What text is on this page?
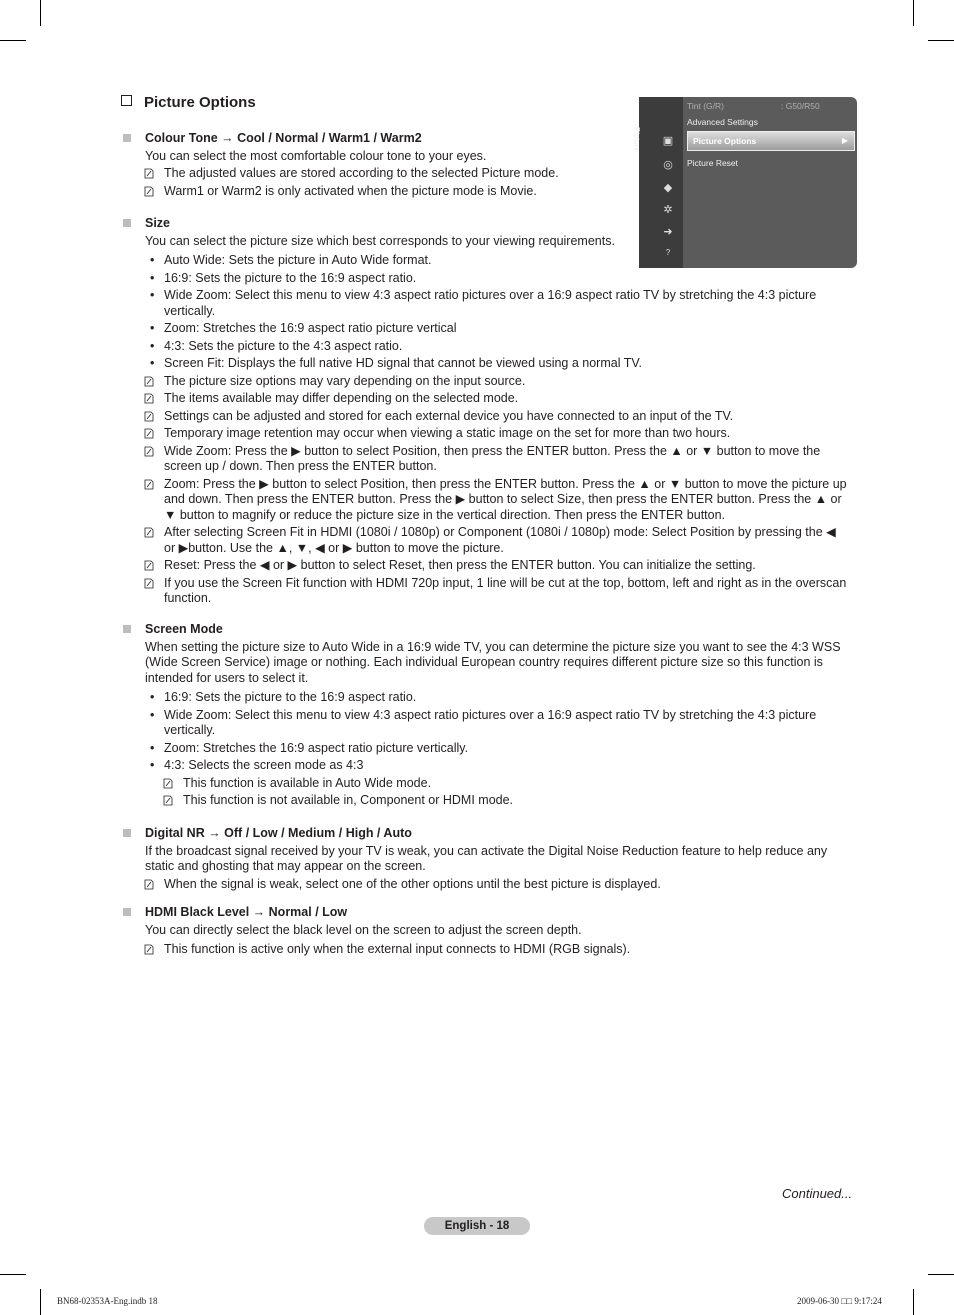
Picture Options
Picture ▣
◎
◆
✲
➜
?
Tint (G/R)	: G50/R50
Advanced Settings
Picture Options	▶
Picture Reset
Colour Tone → Cool / Normal / Warm1 / Warm2
You can select the most comfortable colour tone to your eyes.
The adjusted values are stored according to the selected Picture mode.
Warm1 or Warm2 is only activated when the picture mode is Movie.
Size
You can select the picture size which best corresponds to your viewing requirements.
• Auto Wide: Sets the picture in Auto Wide format.
• 16:9: Sets the picture to the 16:9 aspect ratio.
• Wide Zoom: Select this menu to view 4:3 aspect ratio pictures over a 16:9 aspect ratio TV by stretching the 4:3 picture vertically.
• Zoom: Stretches the 16:9 aspect ratio picture vertical
• 4:3: Sets the picture to the 4:3 aspect ratio.
• Screen Fit: Displays the full native HD signal that cannot be viewed using a normal TV.
The picture size options may vary depending on the input source.
The items available may differ depending on the selected mode.
Settings can be adjusted and stored for each external device you have connected to an input of the TV.
Temporary image retention may occur when viewing a static image on the set for more than two hours.
Wide Zoom: Press the ▶ button to select Position, then press the ENTER button. Press the ▲ or ▼ button to move the screen up / down. Then press the ENTER button.
Zoom: Press the ▶ button to select Position, then press the ENTER button. Press the ▲ or ▼ button to move the picture up and down. Then press the ENTER button. Press the ▶ button to select Size, then press the ENTER button. Press the ▲ or ▼ button to magnify or reduce the picture size in the vertical direction. Then press the ENTER button.
After selecting Screen Fit in HDMI (1080i / 1080p) or Component (1080i / 1080p) mode: Select Position by pressing the ◀ or ▶button. Use the ▲, ▼, ◀ or ▶ button to move the picture.
Reset: Press the ◀ or ▶ button to select Reset, then press the ENTER button. You can initialize the setting.
If you use the Screen Fit function with HDMI 720p input, 1 line will be cut at the top, bottom, left and right as in the overscan function.
Screen Mode
When setting the picture size to Auto Wide in a 16:9 wide TV, you can determine the picture size you want to see the 4:3 WSS (Wide Screen Service) image or nothing. Each individual European country requires different picture size so this function is intended for users to select it.
• 16:9: Sets the picture to the 16:9 aspect ratio.
• Wide Zoom: Select this menu to view 4:3 aspect ratio pictures over a 16:9 aspect ratio TV by stretching the 4:3 picture vertically.
• Zoom: Stretches the 16:9 aspect ratio picture vertically.
• 4:3: Selects the screen mode as 4:3
This function is available in Auto Wide mode.
This function is not available in, Component or HDMI mode.
Digital NR → Off / Low / Medium / High / Auto
If the broadcast signal received by your TV is weak, you can activate the Digital Noise Reduction feature to help reduce any static and ghosting that may appear on the screen.
When the signal is weak, select one of the other options until the best picture is displayed.
HDMI Black Level → Normal / Low
You can directly select the black level on the screen to adjust the screen depth.
This function is active only when the external input connects to HDMI (RGB signals).
Continued...
English - 18
BN68-02353A-Eng.indb 18	2009-06-30 □□ 9:17:24
